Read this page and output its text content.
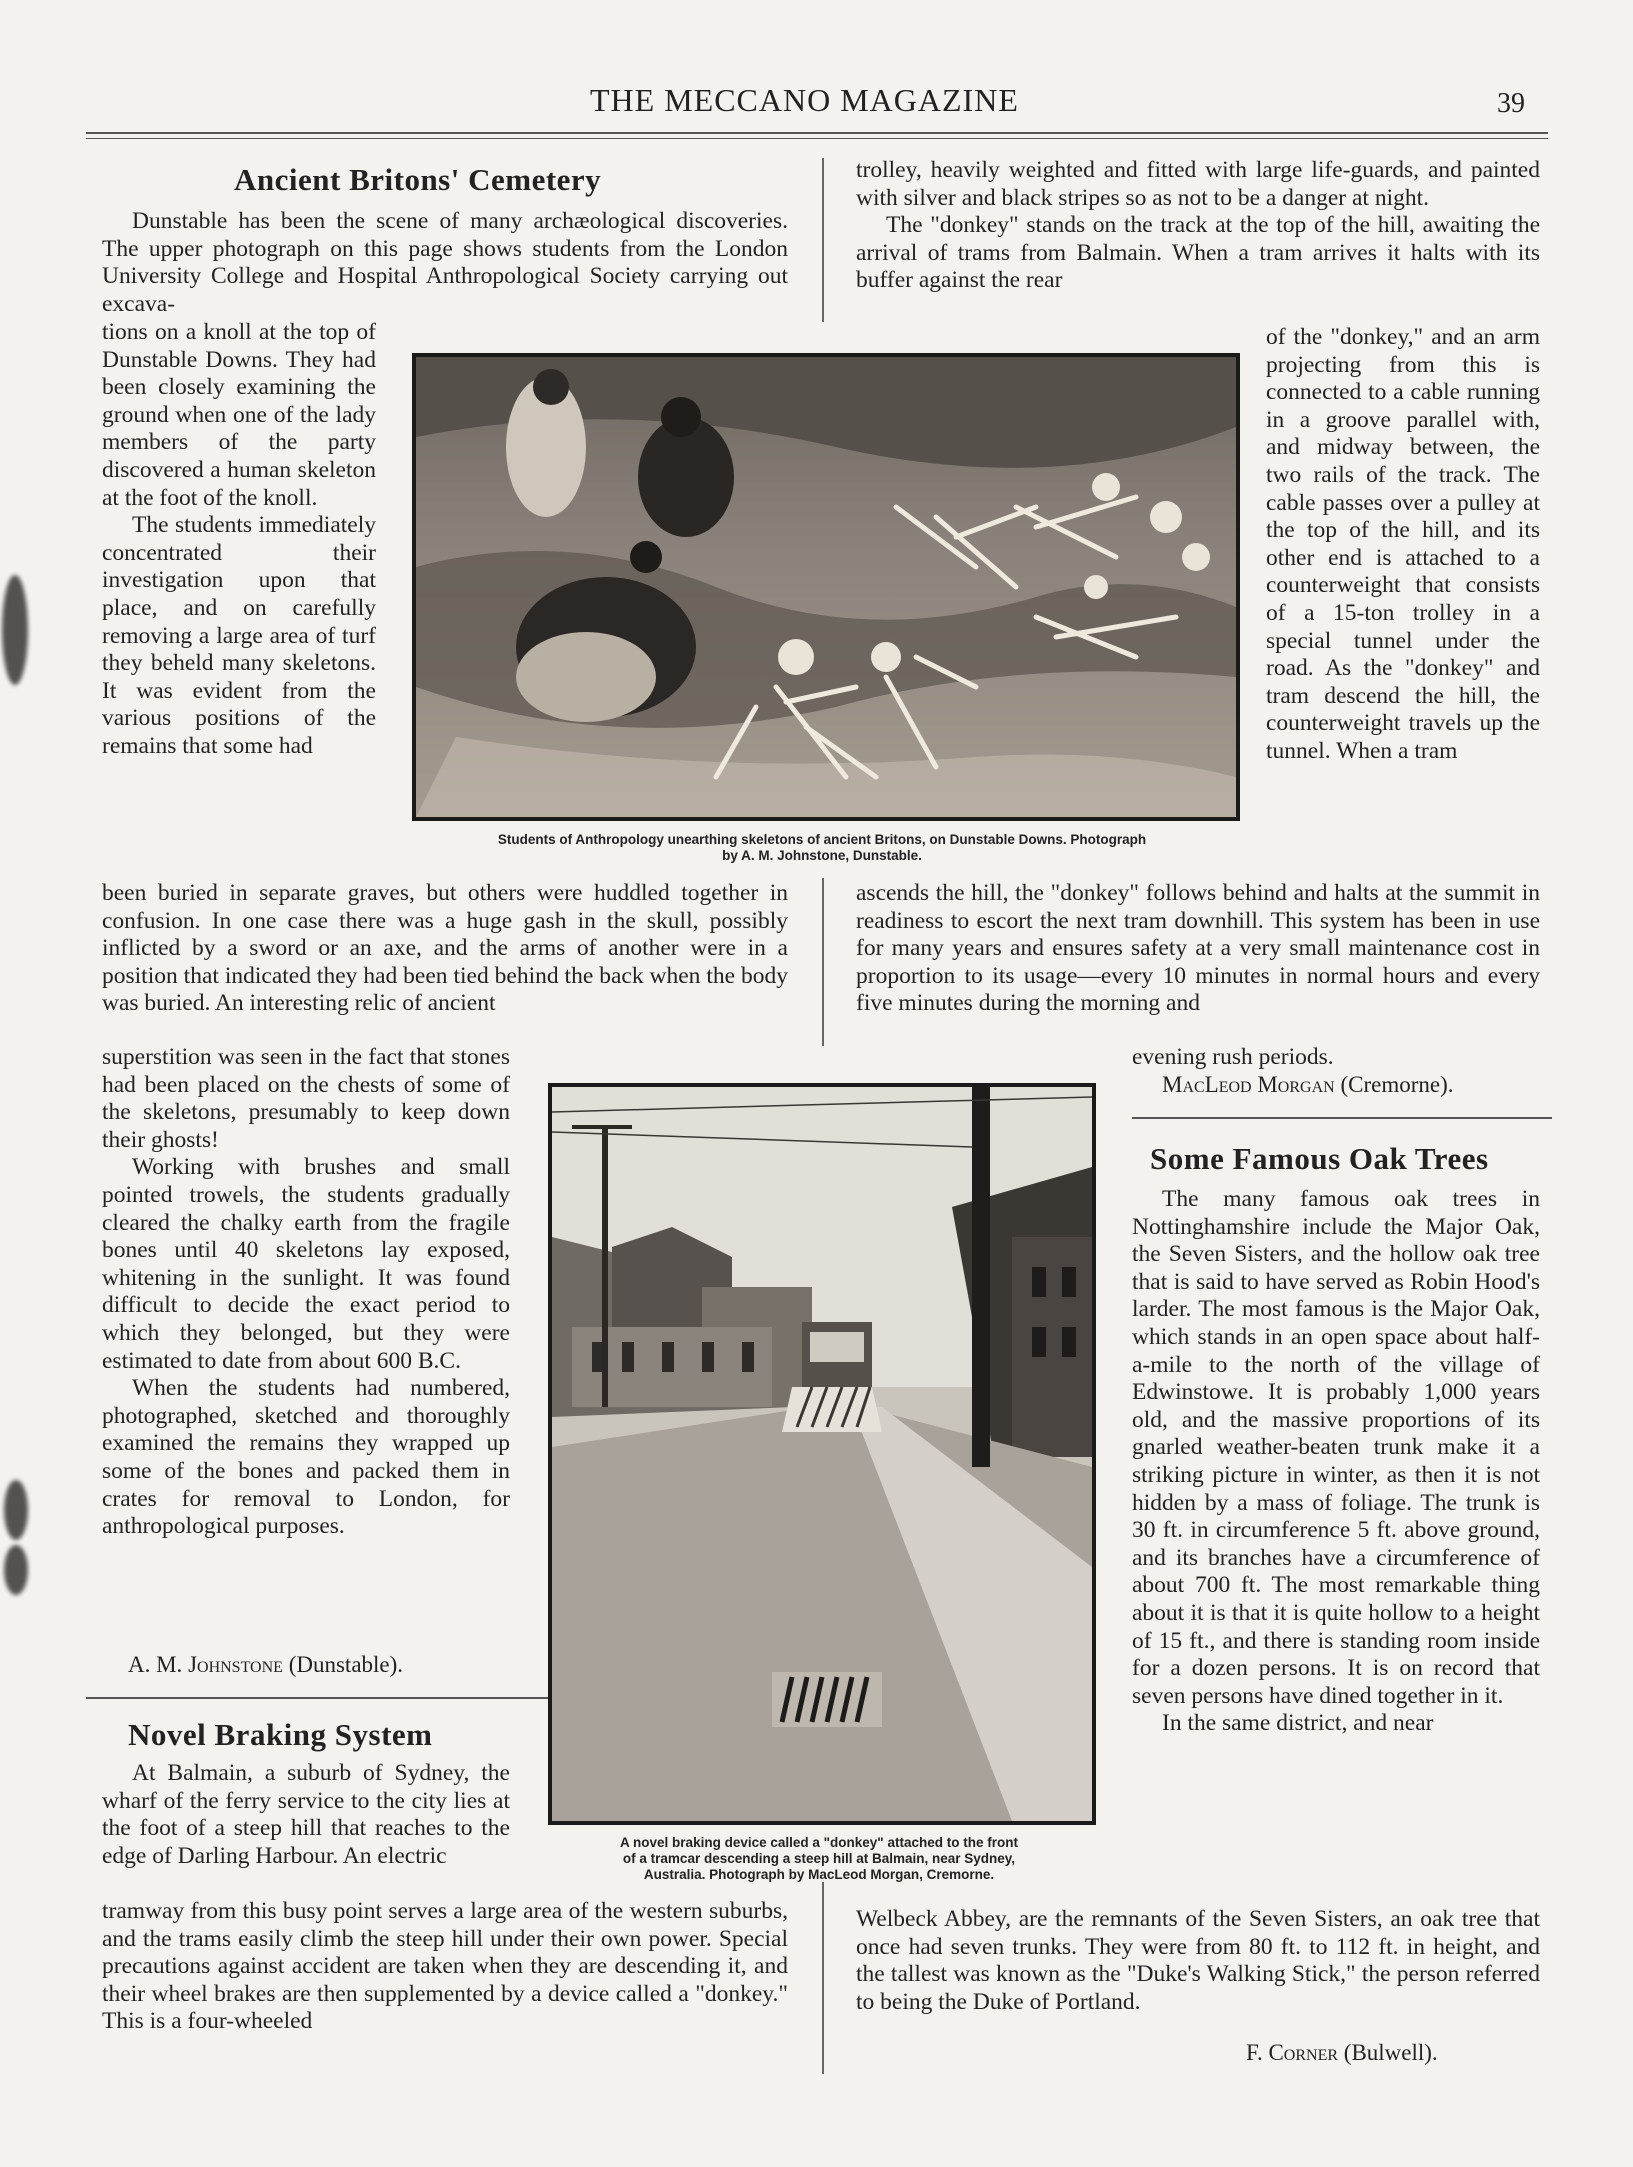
THE MECCANO MAGAZINE	39
Ancient Britons' Cemetery

Dunstable has been the scene of many archæological discoveries. The upper photograph on this page shows students from the London University College and Hospital Anthropological Society carrying out excava-

tions on a knoll at the top of Dunstable Downs. They had been closely examining the ground when one of the lady members of the party discovered a human skeleton at the foot of the knoll.

The students immediately concentrated their investigation upon that place, and on carefully removing a large area of turf they beheld many skeletons. It was evident from the various positions of the remains that some had

been buried in separate graves, but others were huddled together in confusion. In one case there was a huge gash in the skull, possibly inflicted by a sword or an axe, and the arms of another were in a position that indicated they had been tied behind the back when the body was buried. An interesting relic of ancient

superstition was seen in the fact that stones had been placed on the chests of some of the skeletons, presumably to keep down their ghosts!

Working with brushes and small pointed trowels, the students gradually cleared the chalky earth from the fragile bones until 40 skeletons lay exposed, whitening in the sunlight. It was found difficult to decide the exact period to which they belonged, but they were estimated to date from about 600 B.C.

When the students had numbered, photographed, sketched and thoroughly examined the remains they wrapped up some of the bones and packed them in crates for removal to London, for anthropological purposes.

A. M. Johnstone (Dunstable).
Students of Anthropology unearthing skeletons of ancient Britons, on Dunstable Downs. Photograph
by A. M. Johnstone, Dunstable.
Novel Braking System

At Balmain, a suburb of Sydney, the wharf of the ferry service to the city lies at the foot of a steep hill that reaches to the edge of Darling Harbour. An electric

tramway from this busy point serves a large area of the western suburbs, and the trams easily climb the steep hill under their own power. Special precautions against accident are taken when they are descending it, and their wheel brakes are then supplemented by a device called a "donkey." This is a four-wheeled

trolley, heavily weighted and fitted with large life-guards, and painted with silver and black stripes so as not to be a danger at night.

The "donkey" stands on the track at the top of the hill, awaiting the arrival of trams from Balmain. When a tram arrives it halts with its buffer against the rear

of the "donkey," and an arm projecting from this is connected to a cable running in a groove parallel with, and midway between, the two rails of the track. The cable passes over a pulley at the top of the hill, and its other end is attached to a counterweight that consists of a 15-ton trolley in a special tunnel under the road. As the "donkey" and tram descend the hill, the counterweight travels up the tunnel. When a tram

ascends the hill, the "donkey" follows behind and halts at the summit in readiness to escort the next tram downhill. This system has been in use for many years and ensures safety at a very small maintenance cost in proportion to its usage—every 10 minutes in normal hours and every five minutes during the morning and

evening rush periods.

MacLeod Morgan (Cremorne).
A novel braking device called a "donkey" attached to the front
of a tramcar descending a steep hill at Balmain, near Sydney,
Australia. Photograph by MacLeod Morgan, Cremorne.
Some Famous Oak Trees

The many famous oak trees in Nottinghamshire include the Major Oak, the Seven Sisters, and the hollow oak tree that is said to have served as Robin Hood's larder. The most famous is the Major Oak, which stands in an open space about half-a-mile to the north of the village of Edwinstowe. It is probably 1,000 years old, and the massive proportions of its gnarled weather-beaten trunk make it a striking picture in winter, as then it is not hidden by a mass of foliage. The trunk is 30 ft. in circumference 5 ft. above ground, and its branches have a circumference of about 700 ft. The most remarkable thing about it is that it is quite hollow to a height of 15 ft., and there is standing room inside for a dozen persons. It is on record that seven persons have dined together in it.

In the same district, and near

Welbeck Abbey, are the remnants of the Seven Sisters, an oak tree that once had seven trunks. They were from 80 ft. to 112 ft. in height, and the tallest was known as the "Duke's Walking Stick," the person referred to being the Duke of Portland.

F. Corner (Bulwell).
